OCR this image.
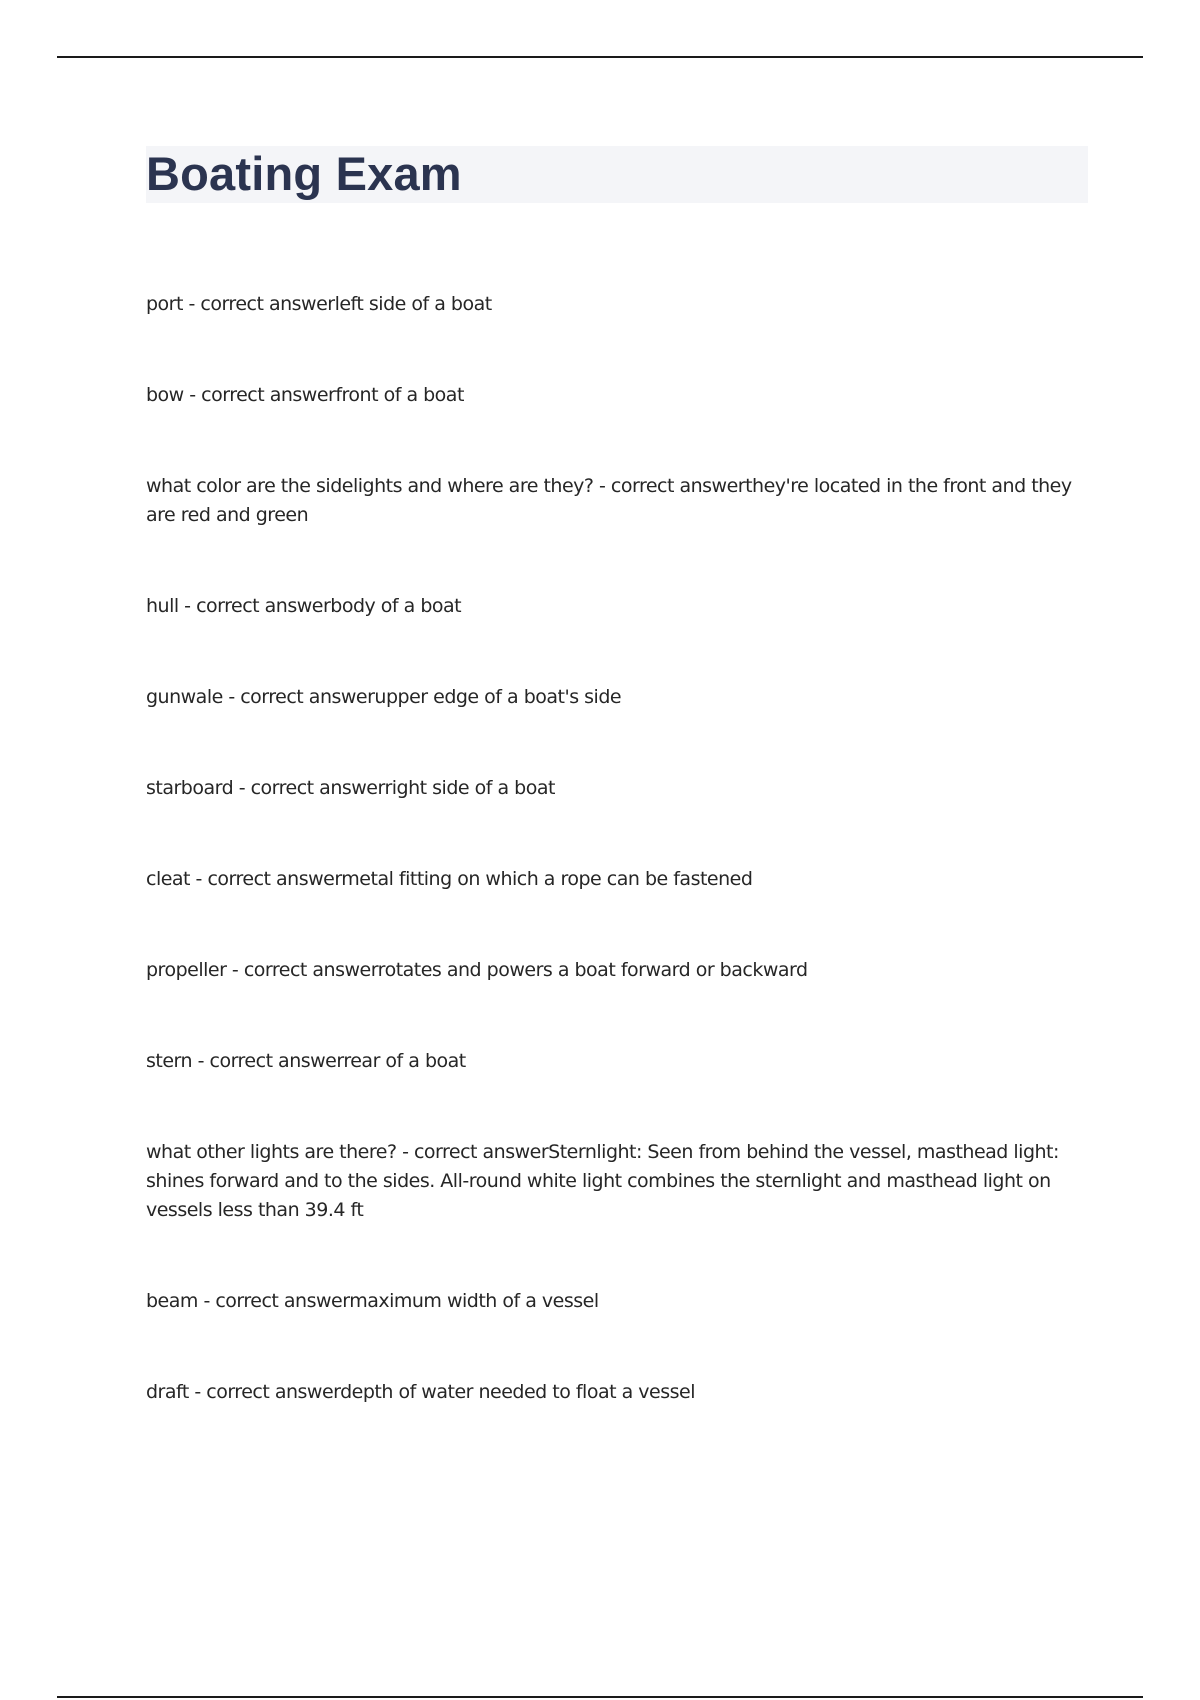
Boating Exam
port - correct answerleft side of a boat
bow - correct answerfront of a boat
what color are the sidelights and where are they? - correct answerthey're located in the front and they are red and green
hull - correct answerbody of a boat
gunwale - correct answerupper edge of a boat's side
starboard - correct answerright side of a boat
cleat - correct answermetal fitting on which a rope can be fastened
propeller - correct answerrotates and powers a boat forward or backward
stern - correct answerrear of a boat
what other lights are there? - correct answerSternlight: Seen from behind the vessel, masthead light: shines forward and to the sides. All-round white light combines the sternlight and masthead light on vessels less than 39.4 ft
beam - correct answermaximum width of a vessel
draft - correct answerdepth of water needed to float a vessel
